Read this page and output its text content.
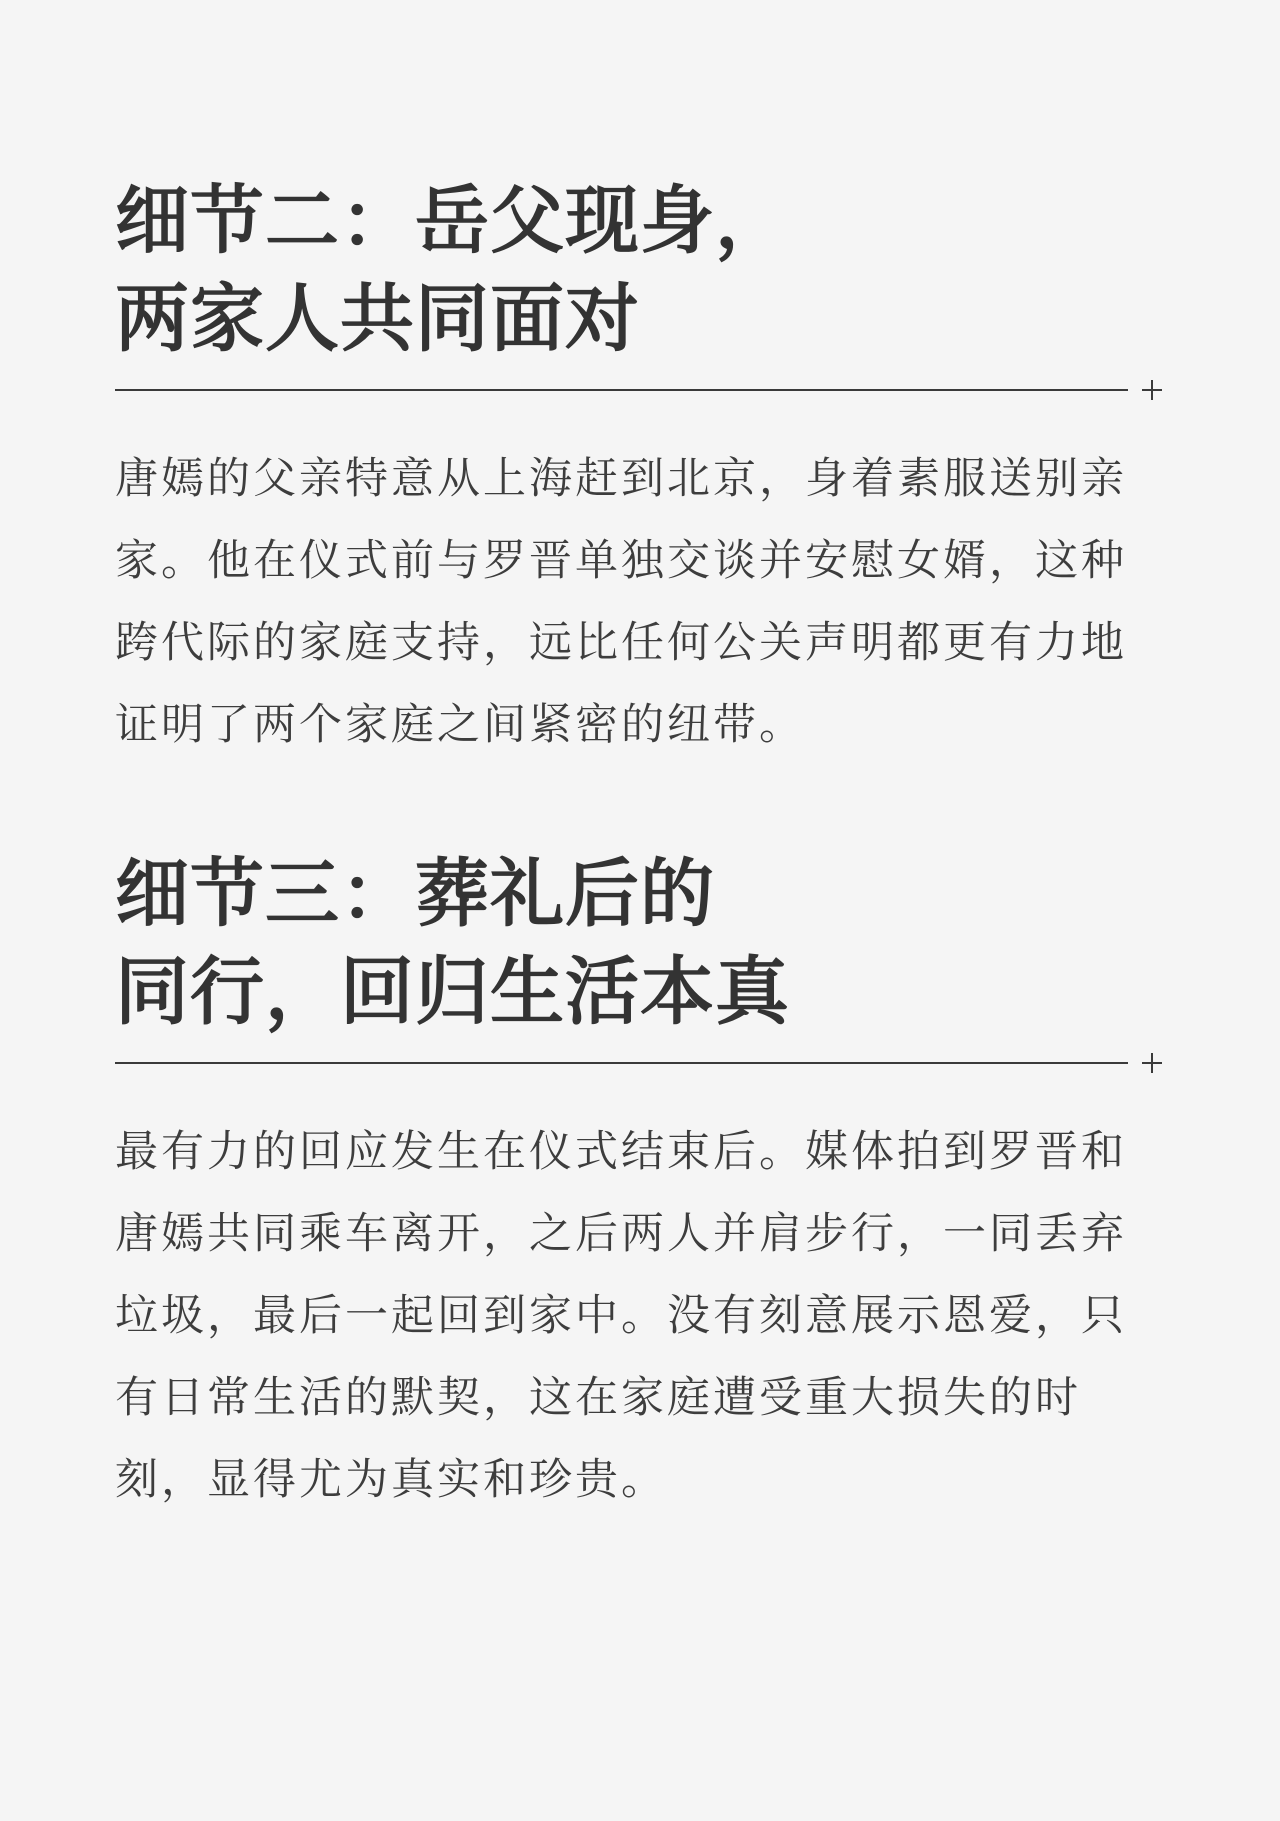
细节二：岳父现身，
两家人共同面对

唐嫣的父亲特意从上海赶到北京，身着素服送别亲
家。他在仪式前与罗晋单独交谈并安慰女婿，这种
跨代际的家庭支持，远比任何公关声明都更有力地
证明了两个家庭之间紧密的纽带。

细节三：葬礼后的
同行，回归生活本真

最有力的回应发生在仪式结束后。媒体拍到罗晋和
唐嫣共同乘车离开，之后两人并肩步行，一同丢弃
垃圾，最后一起回到家中。没有刻意展示恩爱，只
有日常生活的默契，这在家庭遭受重大损失的时
刻，显得尤为真实和珍贵。
